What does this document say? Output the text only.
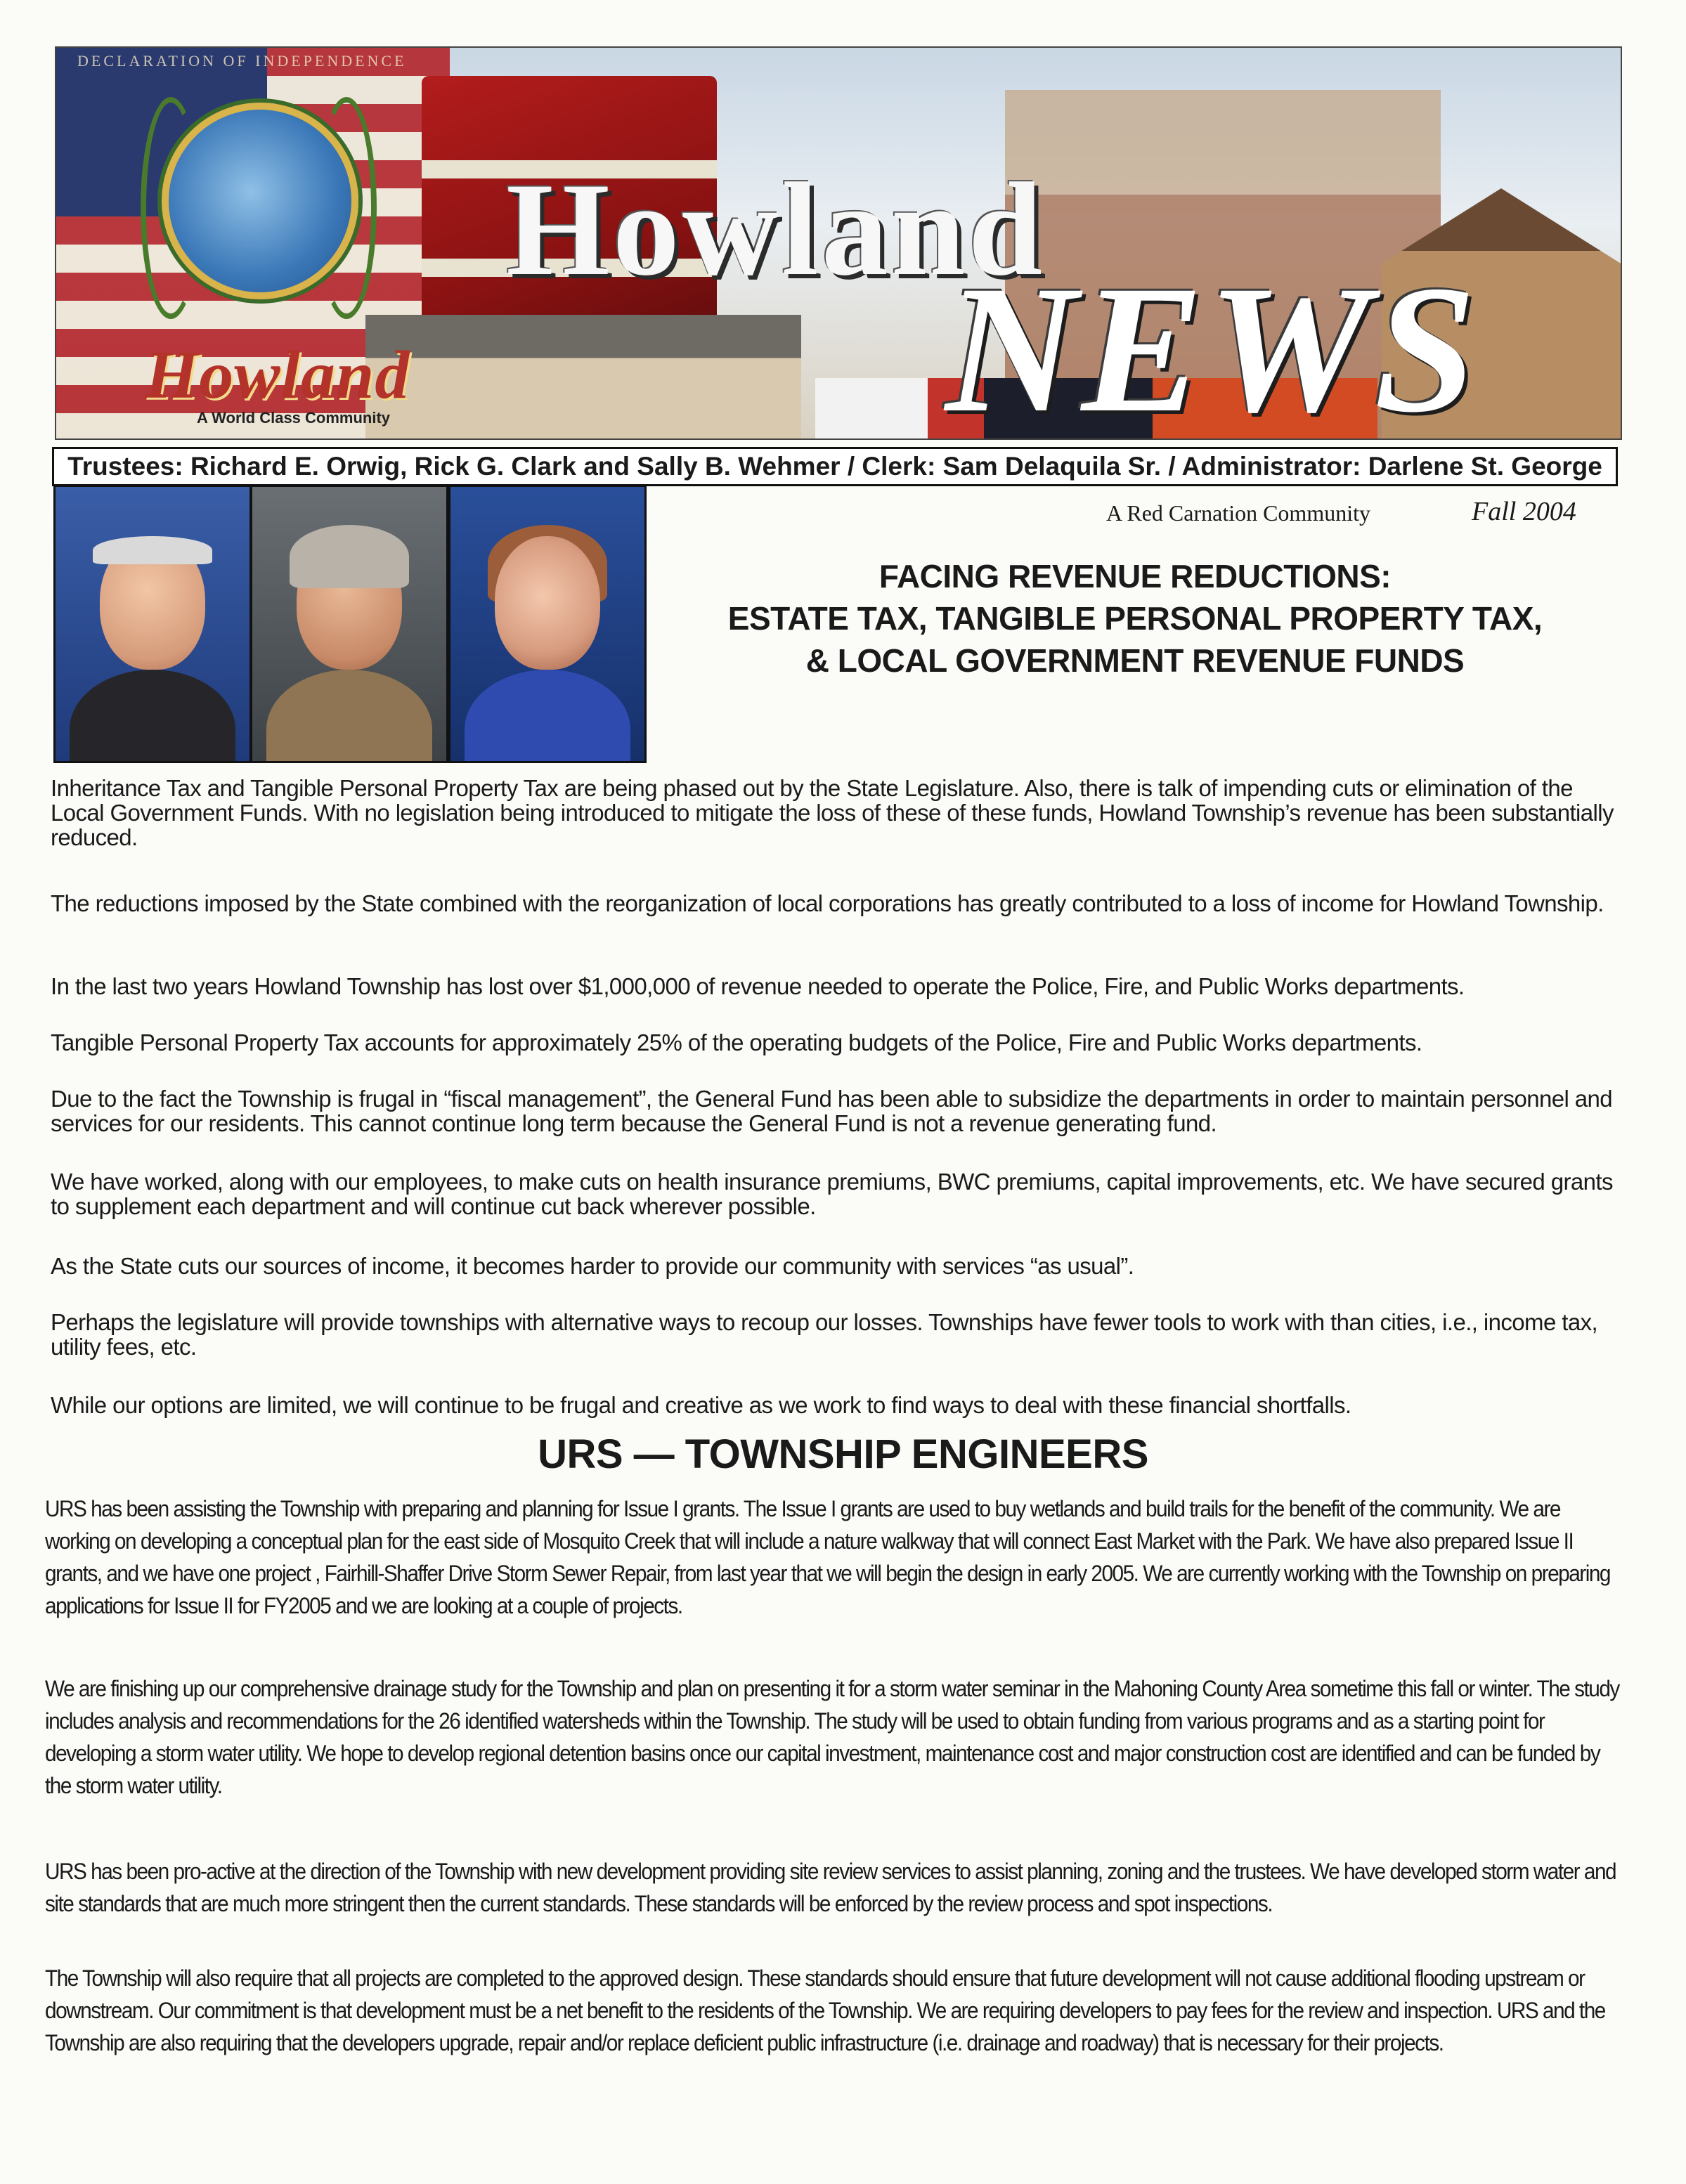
DECLARATION OF INDEPENDENCE
Howland
A World Class Community
Howland
NEWS
Trustees: Richard E. Orwig, Rick G. Clark and Sally B. Wehmer / Clerk: Sam Delaquila Sr. / Administrator: Darlene St. George
A Red Carnation Community	Fall 2004
FACING REVENUE REDUCTIONS:
ESTATE TAX, TANGIBLE PERSONAL PROPERTY TAX,
& LOCAL GOVERNMENT REVENUE FUNDS

Inheritance Tax and Tangible Personal Property Tax are being phased out by the State Legislature. Also, there is talk of impending cuts or elimination of the Local Government Funds. With no legislation being introduced to mitigate the loss of these of these funds, Howland Township’s revenue has been substantially reduced.

The reductions imposed by the State combined with the reorganization of local corporations has greatly contributed to a loss of income for Howland Township.

In the last two years Howland Township has lost over $1,000,000 of revenue needed to operate the Police, Fire, and Public Works departments.

Tangible Personal Property Tax accounts for approximately 25% of the operating budgets of the Police, Fire and Public Works departments.

Due to the fact the Township is frugal in “fiscal management”, the General Fund has been able to subsidize the departments in order to maintain personnel and services for our residents. This cannot continue long term because the General Fund is not a revenue generating fund.

We have worked, along with our employees, to make cuts on health insurance premiums, BWC premiums, capital improvements, etc. We have secured grants to supplement each department and will continue cut back wherever possible.

As the State cuts our sources of income, it becomes harder to provide our community with services “as usual”.

Perhaps the legislature will provide townships with alternative ways to recoup our losses. Townships have fewer tools to work with than cities, i.e., income tax, utility fees, etc.

While our options are limited, we will continue to be frugal and creative as we work to find ways to deal with these financial shortfalls.

URS — TOWNSHIP ENGINEERS

URS has been assisting the Township with preparing and planning for Issue I grants. The Issue I grants are used to buy wetlands and build trails for the benefit of the community. We are working on developing a conceptual plan for the east side of Mosquito Creek that will include a nature walkway that will connect East Market with the Park. We have also prepared Issue II grants, and we have one project , Fairhill-Shaffer Drive Storm Sewer Repair, from last year that we will begin the design in early 2005. We are currently working with the Township on preparing applications for Issue II for FY2005 and we are looking at a couple of projects.

We are finishing up our comprehensive drainage study for the Township and plan on presenting it for a storm water seminar in the Mahoning County Area sometime this fall or winter. The study includes analysis and recommendations for the 26 identified watersheds within the Township. The study will be used to obtain funding from various programs and as a starting point for developing a storm water utility. We hope to develop regional detention basins once our capital investment, maintenance cost and major construction cost are identified and can be funded by the storm water utility.

URS has been pro-active at the direction of the Township with new development providing site review services to assist planning, zoning and the trustees. We have developed storm water and site standards that are much more stringent then the current standards. These standards will be enforced by the review process and spot inspections.

The Township will also require that all projects are completed to the approved design. These standards should ensure that future development will not cause additional flooding upstream or downstream. Our commitment is that development must be a net benefit to the residents of the Township. We are requiring developers to pay fees for the review and inspection. URS and the Township are also requiring that the developers upgrade, repair and/or replace deficient public infrastructure (i.e. drainage and roadway) that is necessary for their projects.
